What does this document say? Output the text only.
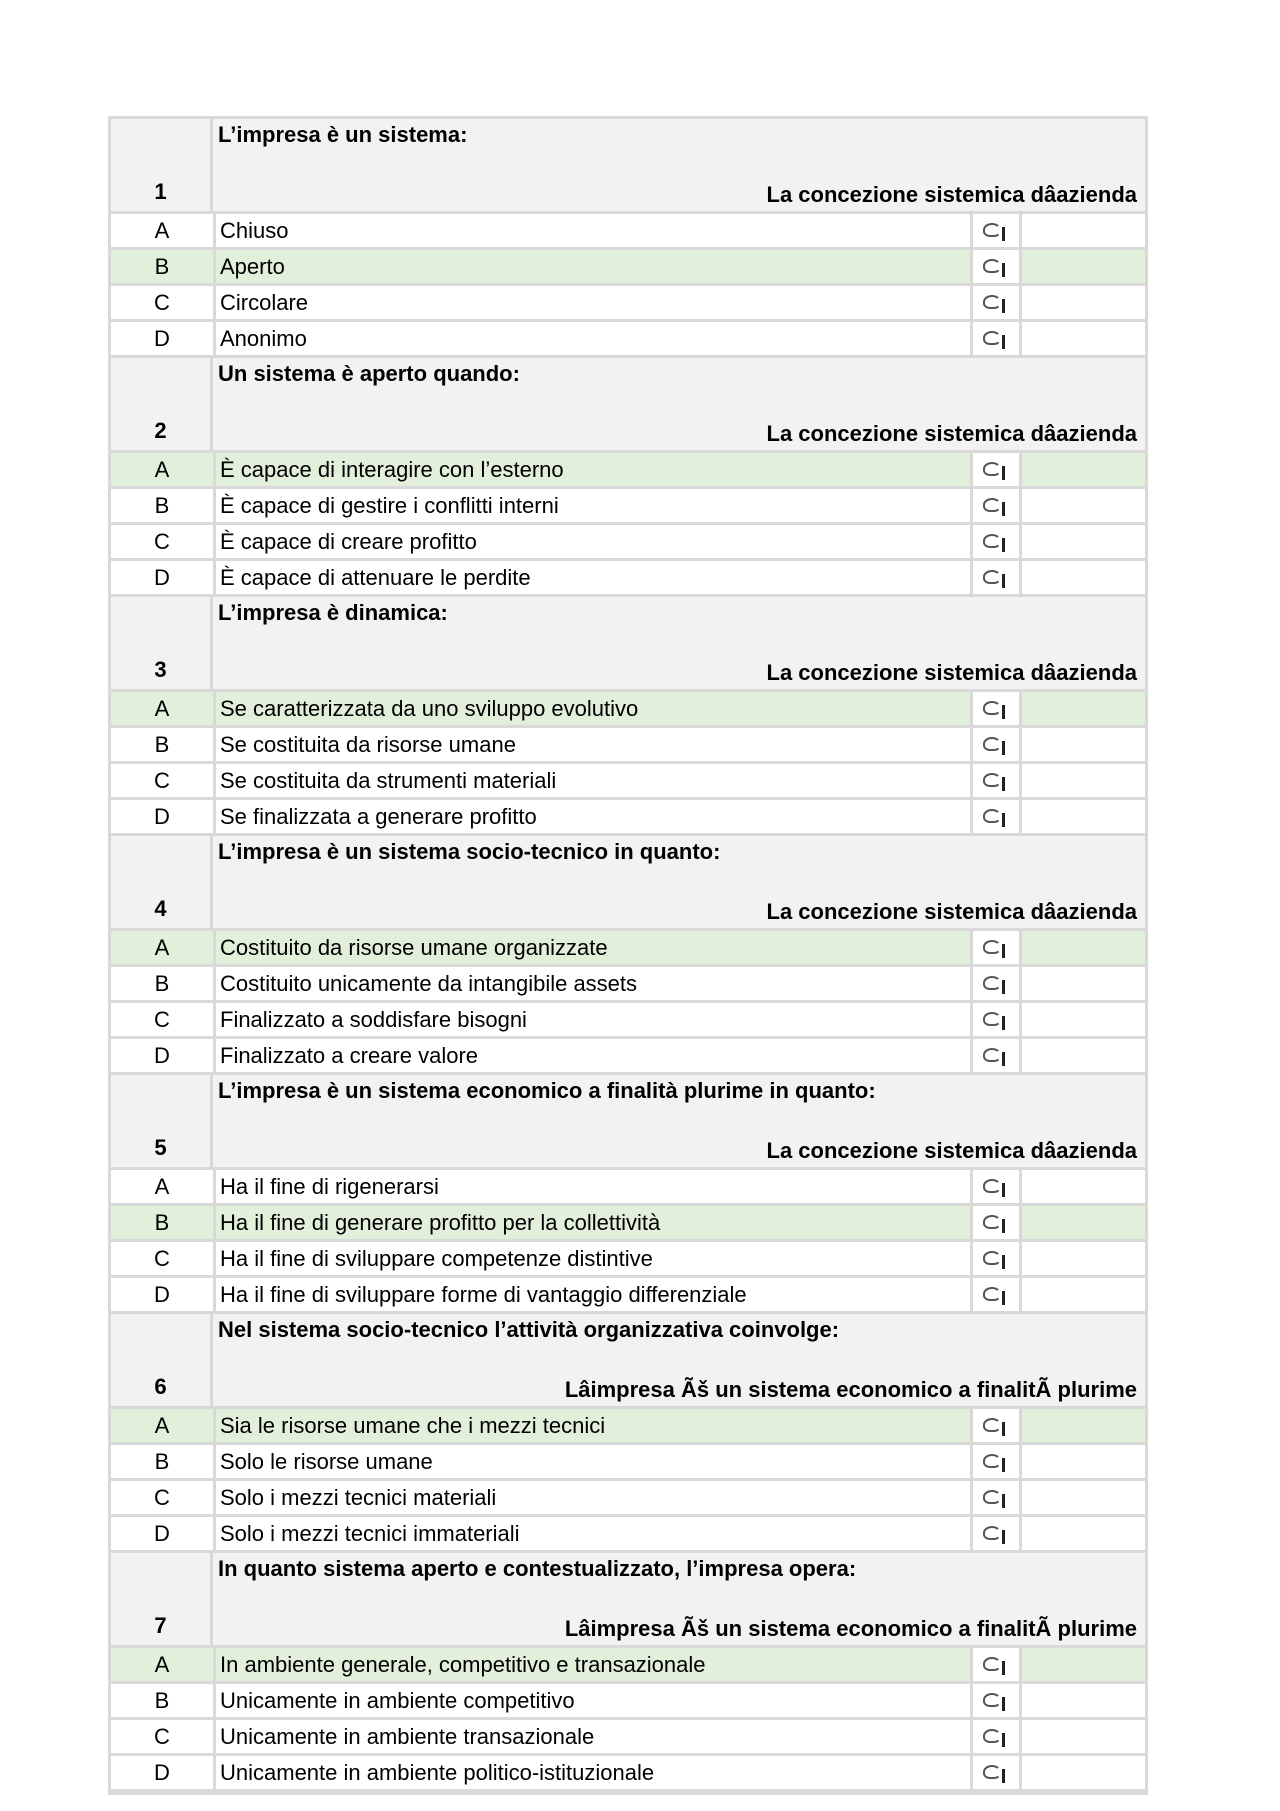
1
L’impresa è un sistema:
La concezione sistemica dâazienda
A	Chiuso
B	Aperto
C	Circolare
D	Anonimo
2
Un sistema è aperto quando:
La concezione sistemica dâazienda
A	È capace di interagire con l’esterno
B	È capace di gestire i conflitti interni
C	È capace di creare profitto
D	È capace di attenuare le perdite
3
L’impresa è dinamica:
La concezione sistemica dâazienda
A	Se caratterizzata da uno sviluppo evolutivo
B	Se costituita da risorse umane
C	Se costituita da strumenti materiali
D	Se finalizzata a generare profitto
4
L’impresa è un sistema socio-tecnico in quanto:
La concezione sistemica dâazienda
A	Costituito da risorse umane organizzate
B	Costituito unicamente da intangibile assets
C	Finalizzato a soddisfare bisogni
D	Finalizzato a creare valore
5
L’impresa è un sistema economico a finalità plurime in quanto:
La concezione sistemica dâazienda
A	Ha il fine di rigenerarsi
B	Ha il fine di generare profitto per la collettività
C	Ha il fine di sviluppare competenze distintive
D	Ha il fine di sviluppare forme di vantaggio differenziale
6
Nel sistema socio-tecnico l’attività organizzativa coinvolge:
Lâimpresa Ãš un sistema economico a finalitÃ plurime
A	Sia le risorse umane che i mezzi tecnici
B	Solo le risorse umane
C	Solo i mezzi tecnici materiali
D	Solo i mezzi tecnici immateriali
7
In quanto sistema aperto e contestualizzato, l’impresa opera:
Lâimpresa Ãš un sistema economico a finalitÃ plurime
A	In ambiente generale, competitivo e transazionale
B	Unicamente in ambiente competitivo
C	Unicamente in ambiente transazionale
D	Unicamente in ambiente politico-istituzionale
